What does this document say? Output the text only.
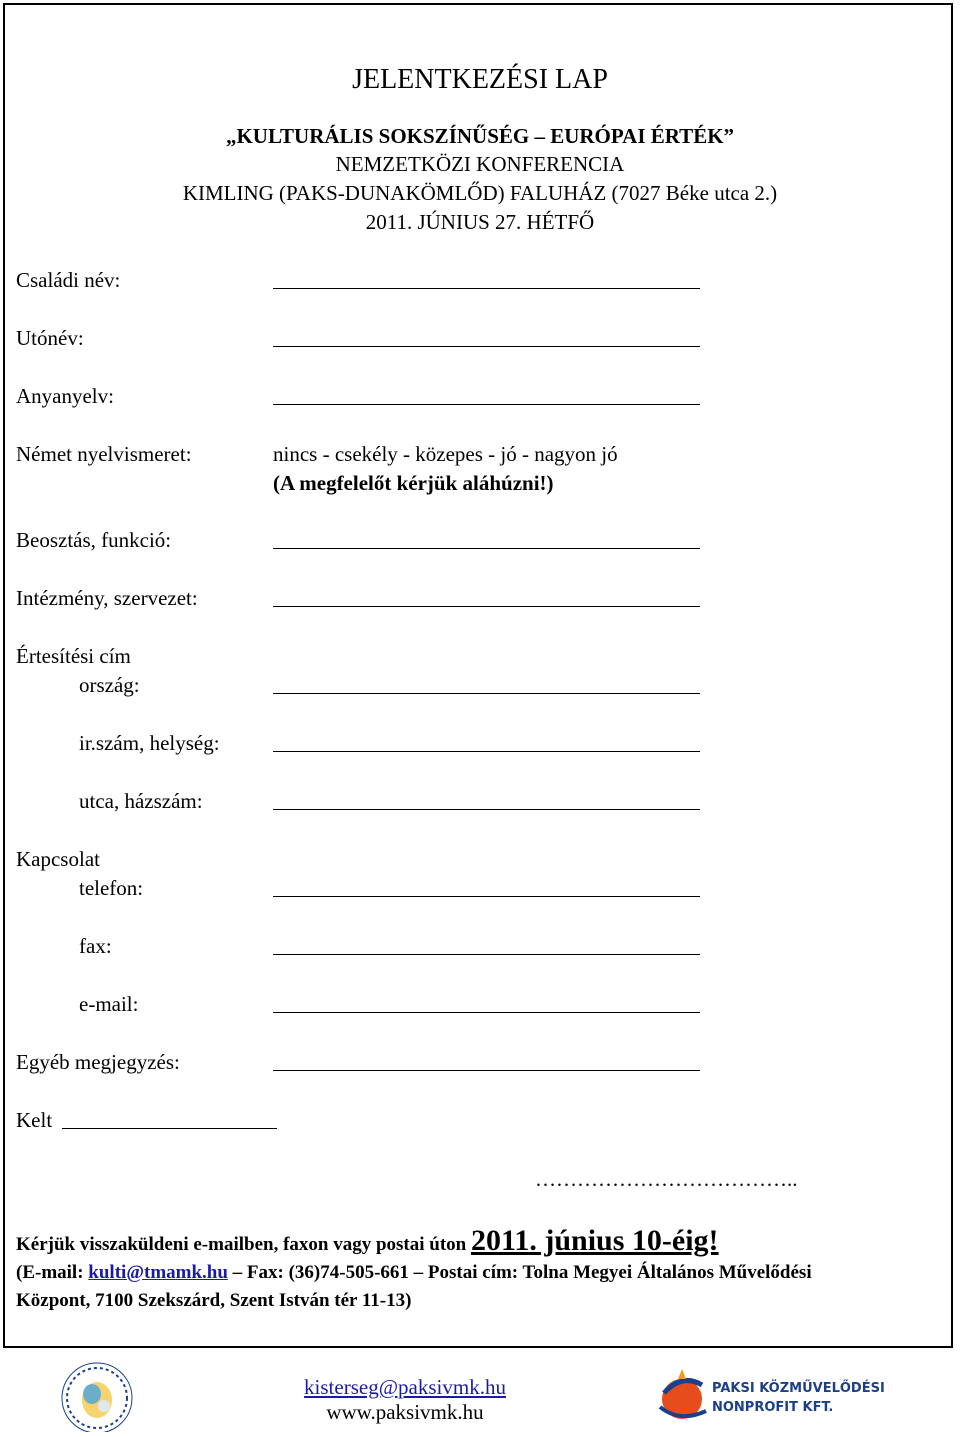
JELENTKEZÉSI LAP
„KULTURÁLIS SOKSZÍNŰSÉG – EURÓPAI ÉRTÉK”
NEMZETKÖZI KONFERENCIA
KIMLING (PAKS-DUNAKÖMLŐD) FALUHÁZ (7027 Béke utca 2.)
2011. JÚNIUS 27. HÉTFŐ
Családi név:
Utónév:
Anyanyelv:
Német nyelvismeret:	nincs - csekély - közepes - jó - nagyon jó
(A megfelelőt kérjük aláhúzni!)
Beosztás, funkció:
Intézmény, szervezet:
Értesítési cím
ország:
ir.szám, helység:
utca, házszám:
Kapcsolat
telefon:
fax:
e-mail:
Egyéb megjegyzés:
Kelt
………………………………..
Kérjük visszaküldeni e-mailben, faxon vagy postai úton 2011. június 10-éig!
(E-mail: kulti@tmamk.hu – Fax: (36)74-505-661 – Postai cím: Tolna Megyei Általános Művelődési
Központ, 7100 Szekszárd, Szent István tér 11-13)
kisterseg@paksivmk.hu
www.paksivmk.hu
PAKSI KÖZMŰVELŐDÉSI
NONPROFIT KFT.
